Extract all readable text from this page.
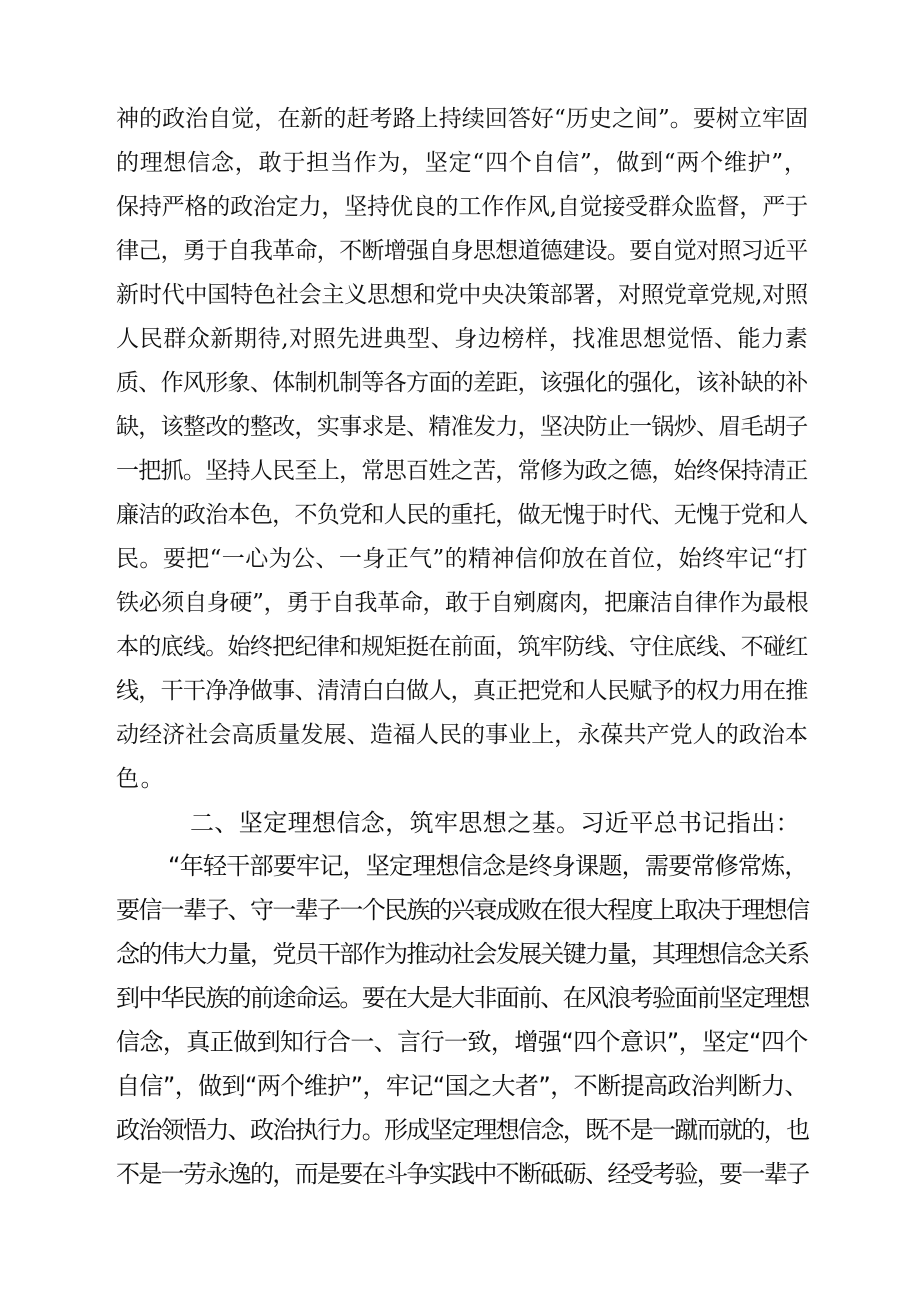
神的政治自觉，在新的赶考路上持续回答好“历史之间”。要树立牢固
的理想信念，敢于担当作为，坚定“四个自信”，做到“两个维护”，
保持严格的政治定力，坚持优良的工作作风,自觉接受群众监督，严于
律己，勇于自我革命，不断增强自身思想道德建设。要自觉对照习近平
新时代中国特色社会主义思想和党中央决策部署，对照党章党规,对照
人民群众新期待,对照先进典型、身边榜样，找准思想觉悟、能力素
质、作风形象、体制机制等各方面的差距，该强化的强化，该补缺的补
缺，该整改的整改，实事求是、精准发力，坚决防止一锅炒、眉毛胡子
一把抓。坚持人民至上，常思百姓之苦，常修为政之德，始终保持清正
廉洁的政治本色，不负党和人民的重托，做无愧于时代、无愧于党和人
民。要把“一心为公、一身正气”的精神信仰放在首位，始终牢记“打
铁必须自身硬”，勇于自我革命，敢于自剜腐肉，把廉洁自律作为最根
本的底线。始终把纪律和规矩挺在前面，筑牢防线、守住底线、不碰红
线，干干净净做事、清清白白做人，真正把党和人民赋予的权力用在推
动经济社会高质量发展、造福人民的事业上，永葆共产党人的政治本
色。
二、坚定理想信念，筑牢思想之基。习近平总书记指出：
“年轻干部要牢记，坚定理想信念是终身课题，需要常修常炼，
要信一辈子、守一辈子一个民族的兴衰成败在很大程度上取决于理想信
念的伟大力量，党员干部作为推动社会发展关键力量，其理想信念关系
到中华民族的前途命运。要在大是大非面前、在风浪考验面前坚定理想
信念，真正做到知行合一、言行一致，增强“四个意识”，坚定“四个
自信”，做到“两个维护”，牢记“国之大者”，不断提高政治判断力、
政治领悟力、政治执行力。形成坚定理想信念，既不是一蹴而就的，也
不是一劳永逸的，而是要在斗争实践中不断砥砺、经受考验，要一辈子
